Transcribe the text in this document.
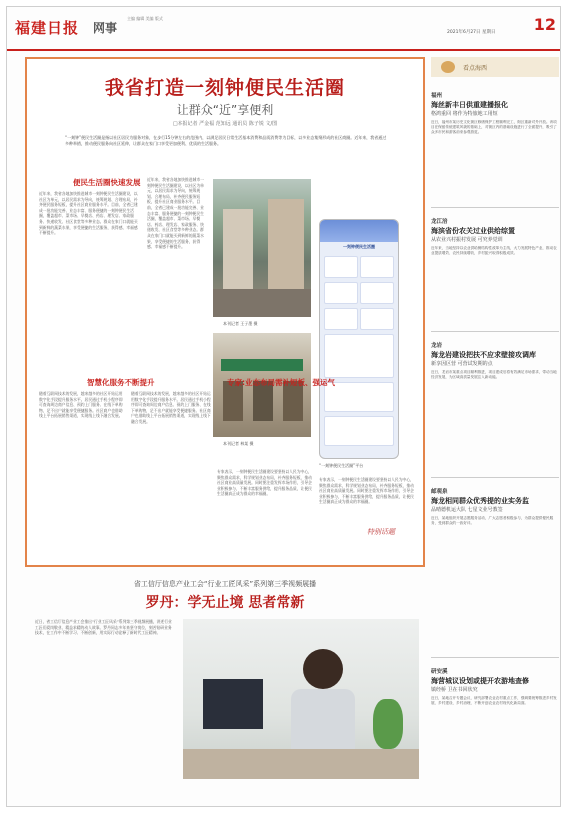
福建日报 网事
主编 编辑 美编 版式
2021年6月27日 星期日 12
我省打造一刻钟便民生活圈
让群众“近”享便利
□本报记者 严金福 范知远 通讯员 陈子锐 文/图
“一刻钟”便民生活圈是指以社区居民为服务对象，在步行15分钟左右的范围内，以满足居民日常生活基本消费和品质消费等为目标，以多业态集聚形成的社区商圈。近年来，我省通过多种举措，推动便民服务向社区延伸，让群众在家门口享受更加便利、优质的生活服务。
便民生活圈快速发展
近年来，我省各地加快推进城市一刻钟便民生活圈建设，以社区为单元，以居民需求为导向，统筹规划、合理布局，补齐便民服务短板，提升社区商业服务水平。目前，全省已建成一批功能完善、业态丰富、服务便捷的一刻钟便民生活圈，覆盖超市、菜市场、早餐店、药店、理发店、家政服务、快递收发、社区食堂等多种业态。群众在家门口就能买到新鲜的蔬菜水果，享受便捷的生活服务，获得感、幸福感不断提升。
近年来，我省各地加快推进城市一刻钟便民生活圈建设，以社区为单元，以居民需求为导向，统筹规划、合理布局，补齐便民服务短板，提升社区商业服务水平。目前，全省已建成一批功能完善、业态丰富、服务便捷的一刻钟便民生活圈，覆盖超市、菜市场、早餐店、药店、理发店、家政服务、快递收发、社区食堂等多种业态。群众在家门口就能买到新鲜的蔬菜水果，享受便捷的生活服务，获得感、幸福感不断提升。
本刊记者 王子墨 摄
本刊记者 林某 摄
一刻钟便民生活圈
“一刻钟便民生活圈”平台
智慧化服务不断提升
随着互联网技术的发展，越来越多的社区开始运用数字化手段提升服务水平。居民通过手机小程序即可查询周边商户信息、预约上门服务、在线下单购物，足不出户就能享受便捷服务。社区商户也借助线上平台拓展销售渠道，实现线上线下融合发展。
随着互联网技术的发展，越来越多的社区开始运用数字化手段提升服务水平。居民通过手机小程序即可查询周边商户信息、预约上门服务、在线下单购物，足不出户就能享受便捷服务。社区商户也借助线上平台拓展销售渠道，实现线上线下融合发展。
专家:业态布局需补短板、强运气
专家表示，一刻钟便民生活圈建设要坚持以人民为中心，聚焦群众需求，科学规划业态布局，补齐服务短板，推动社区商业高质量发展。同时要注重发挥市场作用，引导企业积极参与，不断丰富服务供给，提升服务品质，让便民生活圈真正成为群众的幸福圈。
专家表示，一刻钟便民生活圈建设要坚持以人民为中心，聚焦群众需求，科学规划业态布局，补齐服务短板，推动社区商业高质量发展。同时要注重发挥市场作用，引导企业积极参与，不断丰富服务供给，提升服务品质，让便民生活圈真正成为群众的幸福圈。
特别话题
省工信厅信息产业工会“行业工匠风采”系列第三季视频展播
罗丹：学无止境 思者常新
近日，省工信厅信息产业工会推出“行业工匠风采”系列第三季视频展播，讲述行业工匠们爱岗敬业、精益求精的动人故事。罗丹同志多年来坚守岗位，刻苦钻研业务技术，在工作中不断学习、不断创新，用实际行动诠释了新时代工匠精神。
看点海西
福州
海丝新丰日供重建播报化
格鸿重回 将作为特旅地工用短
近日，福州市某历史文化街区修缮保护工程顺利完工，街区重新对外开放。该项目在保留传统建筑风貌的基础上，对街区内的基础设施进行了全面提升，吸引了众多市民和游客前来参观游览。
龙江涪
海滨省份农关过业供给综置
从农业兴村振村发展 可究养觉训
近年来，当地坚持以农业供给侧结构性改革为主线，大力发展特色产业，推动农业提质增效、农民持续增收，乡村振兴取得积极成效。
龙岩
海龙岩建设把扶不应求壁接攻调库
新享因区营 可营试发期的点
近日，龙岩市某重点项目顺利推进，项目建成后将有效满足市场需求，带动当地经济发展，为区域高质量发展注入新动能。
邮观泉
海龙相同群众优秀提的业实务监
品晴德机运大队 七星文业号教签
近日，某地组织开展志愿服务活动，广大志愿者积极参与，为群众提供便民服务，受到群众的一致好评。
研安溪
海营城议设划或提开农游地查修
镇经桥 卫在书回状究
近日，某地召开专题会议，研究部署农业农村重点工作，强调要统筹推进乡村发展、乡村建设、乡村治理，不断开创农业农村现代化新局面。
